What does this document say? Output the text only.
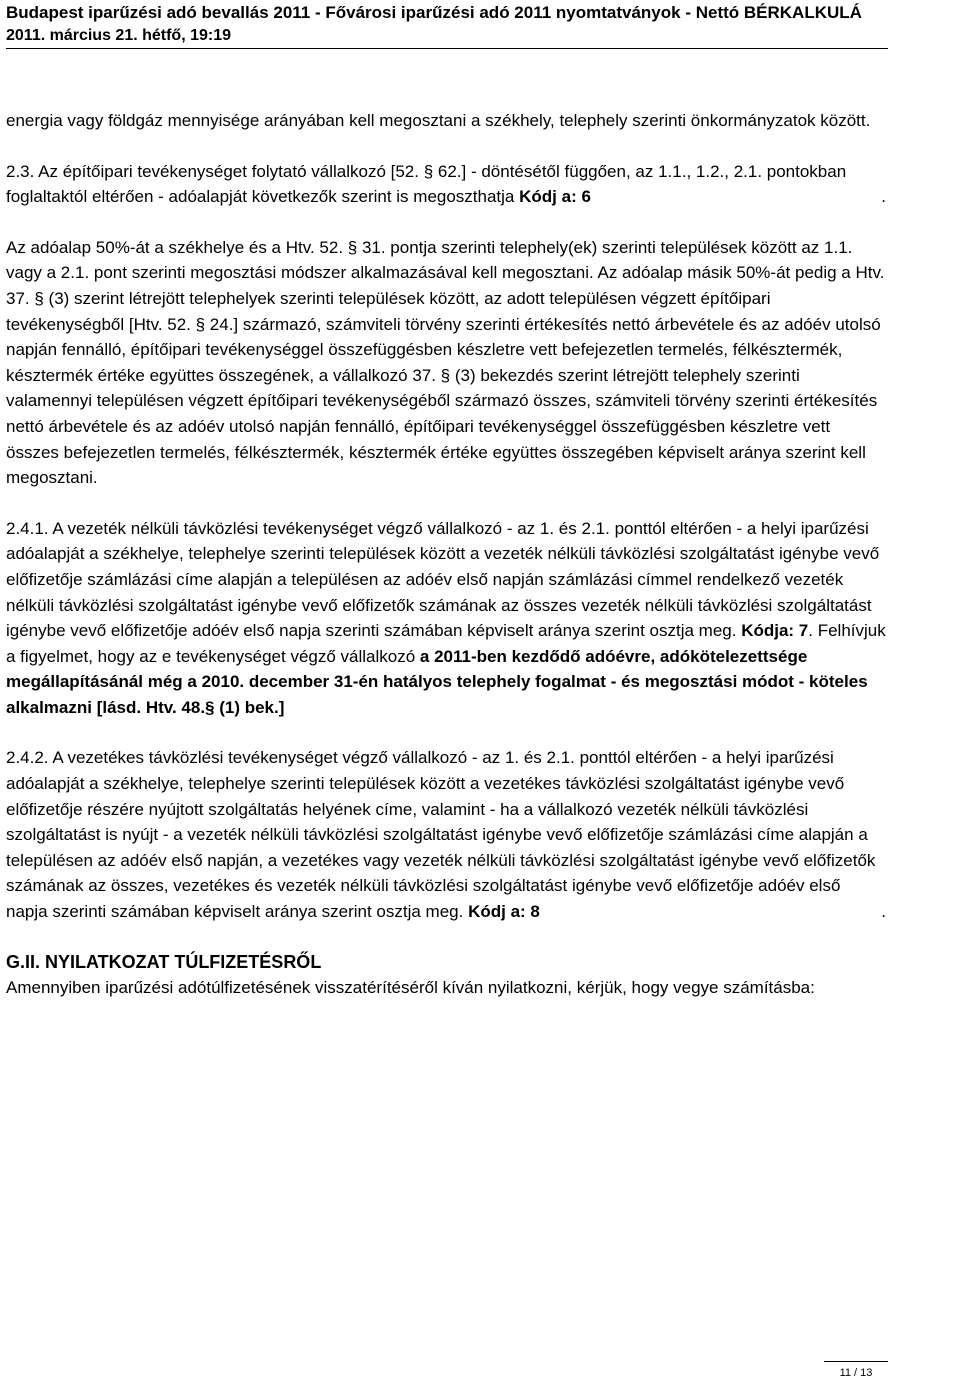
Budapest iparűzési adó bevallás 2011 - Fővárosi iparűzési adó 2011 nyomtatványok - Nettó BÉRKALKULÁ
2011. március 21. hétfő, 19:19

energia vagy földgáz mennyisége arányában kell megosztani a székhely, telephely szerinti önkormányzatok között.

2.3. Az építőipari tevékenységet folytató vállalkozó [52. § 62.] - döntésétől függően, az 1.1., 1.2., 2.1. pontokban foglaltaktól eltérően - adóalapját következők szerint is megoszthatja Kódj a: 6	.

Az adóalap 50%-át a székhelye és a Htv. 52. § 31. pontja szerinti telephely(ek) szerinti települések között az 1.1. vagy a 2.1. pont szerinti megosztási módszer alkalmazásával kell megosztani. Az adóalap másik 50%-át pedig a Htv. 37. § (3) szerint létrejött telephelyek szerinti települések között, az adott településen végzett építőipari tevékenységből [Htv. 52. § 24.] származó, számviteli törvény szerinti értékesítés nettó árbevétele és az adóév utolsó napján fennálló, építőipari tevékenységgel összefüggésben készletre vett befejezetlen termelés, félkésztermék, késztermék értéke együttes összegének, a vállalkozó 37. § (3) bekezdés szerint létrejött telephely szerinti valamennyi településen végzett építőipari tevékenységéből származó összes, számviteli törvény szerinti értékesítés nettó árbevétele és az adóév utolsó napján fennálló, építőipari tevékenységgel összefüggésben készletre vett összes befejezetlen termelés, félkésztermék, késztermék értéke együttes összegében képviselt aránya szerint kell megosztani.

2.4.1. A vezeték nélküli távközlési tevékenységet végző vállalkozó - az 1. és 2.1. ponttól eltérően - a helyi iparűzési adóalapját a székhelye, telephelye szerinti települések között a vezeték nélküli távközlési szolgáltatást igénybe vevő előfizetője számlázási címe alapján a településen az adóév első napján számlázási címmel rendelkező vezeték nélküli távközlési szolgáltatást igénybe vevő előfizetők számának az összes vezeték nélküli távközlési szolgáltatást igénybe vevő előfizetője adóév első napja szerinti számában képviselt aránya szerint osztja meg. Kódja: 7. Felhívjuk a figyelmet, hogy az e tevékenységet végző vállalkozó a 2011-ben kezdődő adóévre, adókötelezettsége megállapításánál még a 2010. december 31-én hatályos telephely fogalmat - és megosztási módot - köteles alkalmazni [lásd. Htv. 48.§ (1) bek.]

2.4.2. A vezetékes távközlési tevékenységet végző vállalkozó - az 1. és 2.1. ponttól eltérően - a helyi iparűzési adóalapját a székhelye, telephelye szerinti települések között a vezetékes távközlési szolgáltatást igénybe vevő előfizetője részére nyújtott szolgáltatás helyének címe, valamint - ha a vállalkozó vezeték nélküli távközlési szolgáltatást is nyújt - a vezeték nélküli távközlési szolgáltatást igénybe vevő előfizetője számlázási címe alapján a településen az adóév első napján, a vezetékes vagy vezeték nélküli távközlési szolgáltatást igénybe vevő előfizetők számának az összes, vezetékes és vezeték nélküli távközlési szolgáltatást igénybe vevő előfizetője adóév első napja szerinti számában képviselt aránya szerint osztja meg. Kódj a: 8	.

G.II. NYILATKOZAT TÚLFIZETÉSRŐL

Amennyiben iparűzési adótúlfizetésének visszatérítéséről kíván nyilatkozni, kérjük, hogy vegye számításba:

11 / 13
